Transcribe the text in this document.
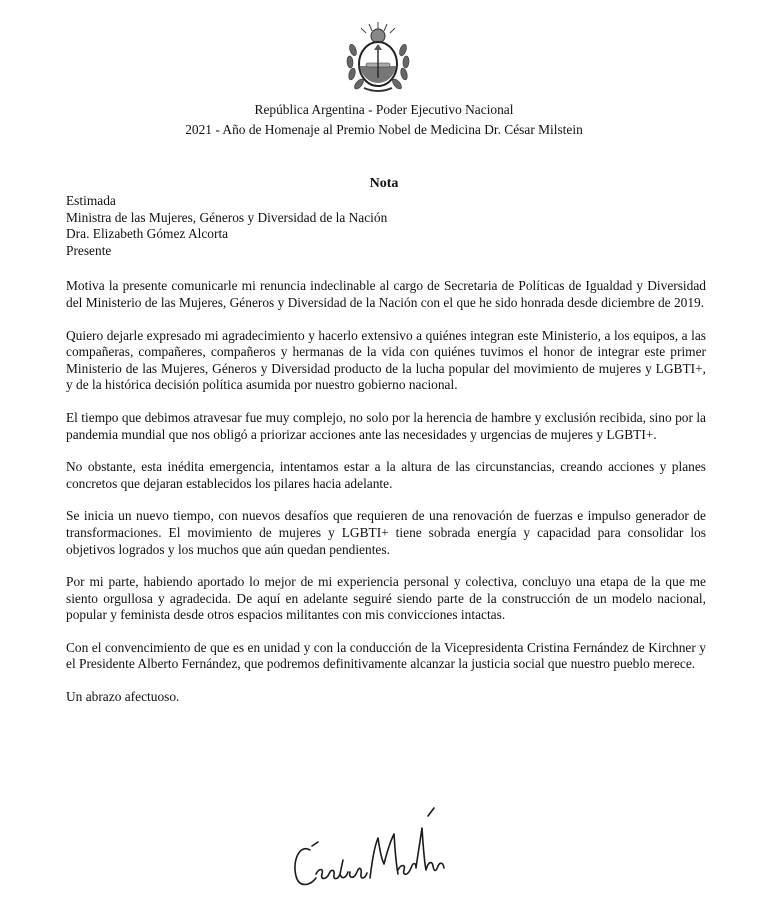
República Argentina - Poder Ejecutivo Nacional
2021 - Año de Homenaje al Premio Nobel de Medicina Dr. César Milstein
Nota

Estimada
Ministra de las Mujeres, Géneros y Diversidad de la Nación
Dra. Elizabeth Gómez Alcorta
Presente

Motiva la presente comunicarle mi renuncia indeclinable al cargo de Secretaria de Políticas de Igualdad y Diversidad del Ministerio de las Mujeres, Géneros y Diversidad de la Nación con el que he sido honrada desde diciembre de 2019.

Quiero dejarle expresado mi agradecimiento y hacerlo extensivo a quiénes integran este Ministerio, a los equipos, a las compañeras, compañeres, compañeros y hermanas de la vida con quiénes tuvimos el honor de integrar este primer Ministerio de las Mujeres, Géneros y Diversidad producto de la lucha popular del movimiento de mujeres y LGBTI+, y de la histórica decisión política asumida por nuestro gobierno nacional.

El tiempo que debimos atravesar fue muy complejo, no solo por la herencia de hambre y exclusión recibida, sino por la pandemia mundial que nos obligó a priorizar acciones ante las necesidades y urgencias de mujeres y LGBTI+.

No obstante, esta inédita emergencia, intentamos estar a la altura de las circunstancias, creando acciones y planes concretos que dejaran establecidos los pilares hacia adelante.

Se inicia un nuevo tiempo, con nuevos desafíos que requieren de una renovación de fuerzas e impulso generador de transformaciones. El movimiento de mujeres y LGBTI+ tiene sobrada energía y capacidad para consolidar los objetivos logrados y los muchos que aún quedan pendientes.

Por mi parte, habiendo aportado lo mejor de mi experiencia personal y colectiva, concluyo una etapa de la que me siento orgullosa y agradecida. De aquí en adelante seguiré siendo parte de la construcción de un modelo nacional, popular y feminista desde otros espacios militantes con mis convicciones intactas.

Con el convencimiento de que es en unidad y con la conducción de la Vicepresidenta Cristina Fernández de Kirchner y el Presidente Alberto Fernández, que podremos definitivamente alcanzar la justicia social que nuestro pueblo merece.

Un abrazo afectuoso.
